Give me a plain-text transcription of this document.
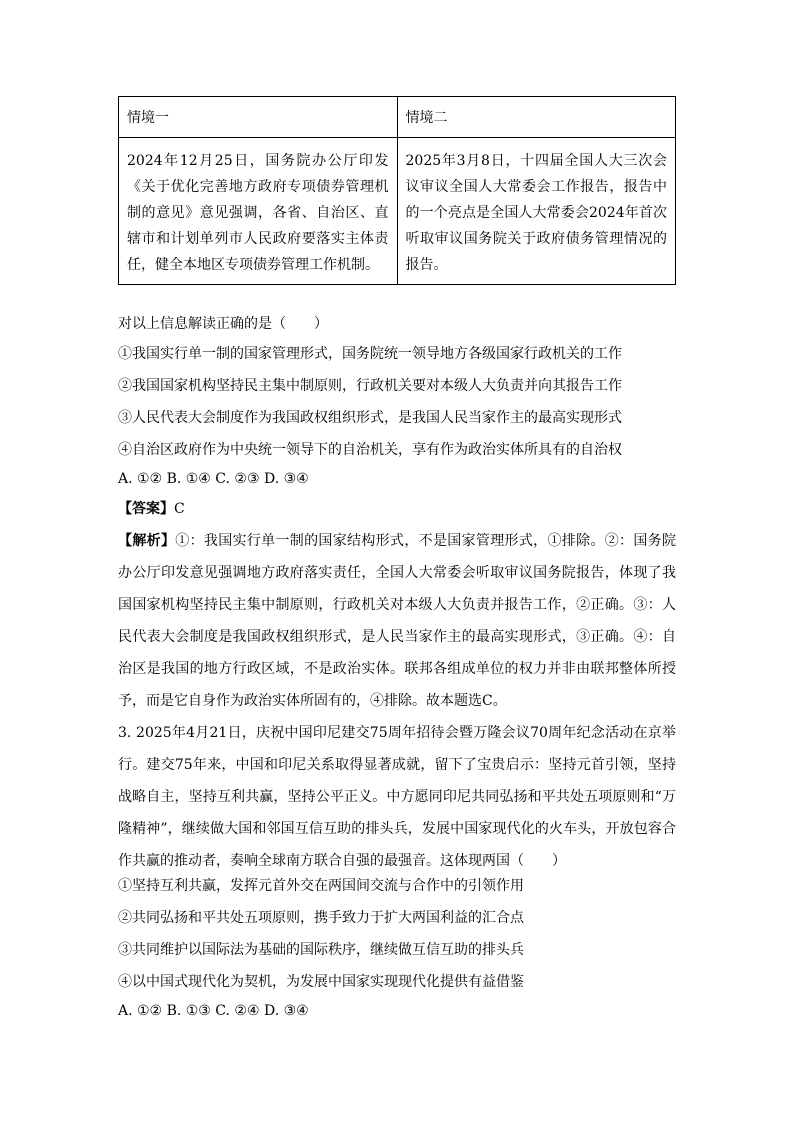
情境一	情境二
2024年12月25日，国务院办公厅印发《关于优化完善地方政府专项债券管理机制的意见》意见强调，各省、自治区、直辖市和计划单列市人民政府要落实主体责任，健全本地区专项债券管理工作机制。	2025年3月8日，十四届全国人大三次会议审议全国人大常委会工作报告，报告中的一个亮点是全国人大常委会2024年首次听取审议国务院关于政府债务管理情况的报告。
对以上信息解读正确的是（　　）
①我国实行单一制的国家管理形式，国务院统一领导地方各级国家行政机关的工作
②我国国家机构坚持民主集中制原则，行政机关要对本级人大负责并向其报告工作
③人民代表大会制度作为我国政权组织形式，是我国人民当家作主的最高实现形式
④自治区政府作为中央统一领导下的自治机关，享有作为政治实体所具有的自治权
A. ①② B. ①④ C. ②③ D. ③④
【答案】C
【解析】①：我国实行单一制的国家结构形式，不是国家管理形式，①排除。②：国务院办公厅印发意见强调地方政府落实责任，全国人大常委会听取审议国务院报告，体现了我国国家机构坚持民主集中制原则，行政机关对本级人大负责并报告工作，②正确。③：人民代表大会制度是我国政权组织形式，是人民当家作主的最高实现形式，③正确。④：自治区是我国的地方行政区域，不是政治实体。联邦各组成单位的权力并非由联邦整体所授予，而是它自身作为政治实体所固有的，④排除。故本题选C。
3. 2025年4月21日，庆祝中国印尼建交75周年招待会暨万隆会议70周年纪念活动在京举行。建交75年来，中国和印尼关系取得显著成就，留下了宝贵启示：坚持元首引领，坚持战略自主，坚持互利共赢，坚持公平正义。中方愿同印尼共同弘扬和平共处五项原则和“万隆精神”，继续做大国和邻国互信互助的排头兵，发展中国家现代化的火车头，开放包容合作共赢的推动者，奏响全球南方联合自强的最强音。这体现两国（　　）
①坚持互利共赢，发挥元首外交在两国间交流与合作中的引领作用
②共同弘扬和平共处五项原则，携手致力于扩大两国利益的汇合点
③共同维护以国际法为基础的国际秩序，继续做互信互助的排头兵
④以中国式现代化为契机，为发展中国家实现现代化提供有益借鉴
A. ①② B. ①③ C. ②④ D. ③④
